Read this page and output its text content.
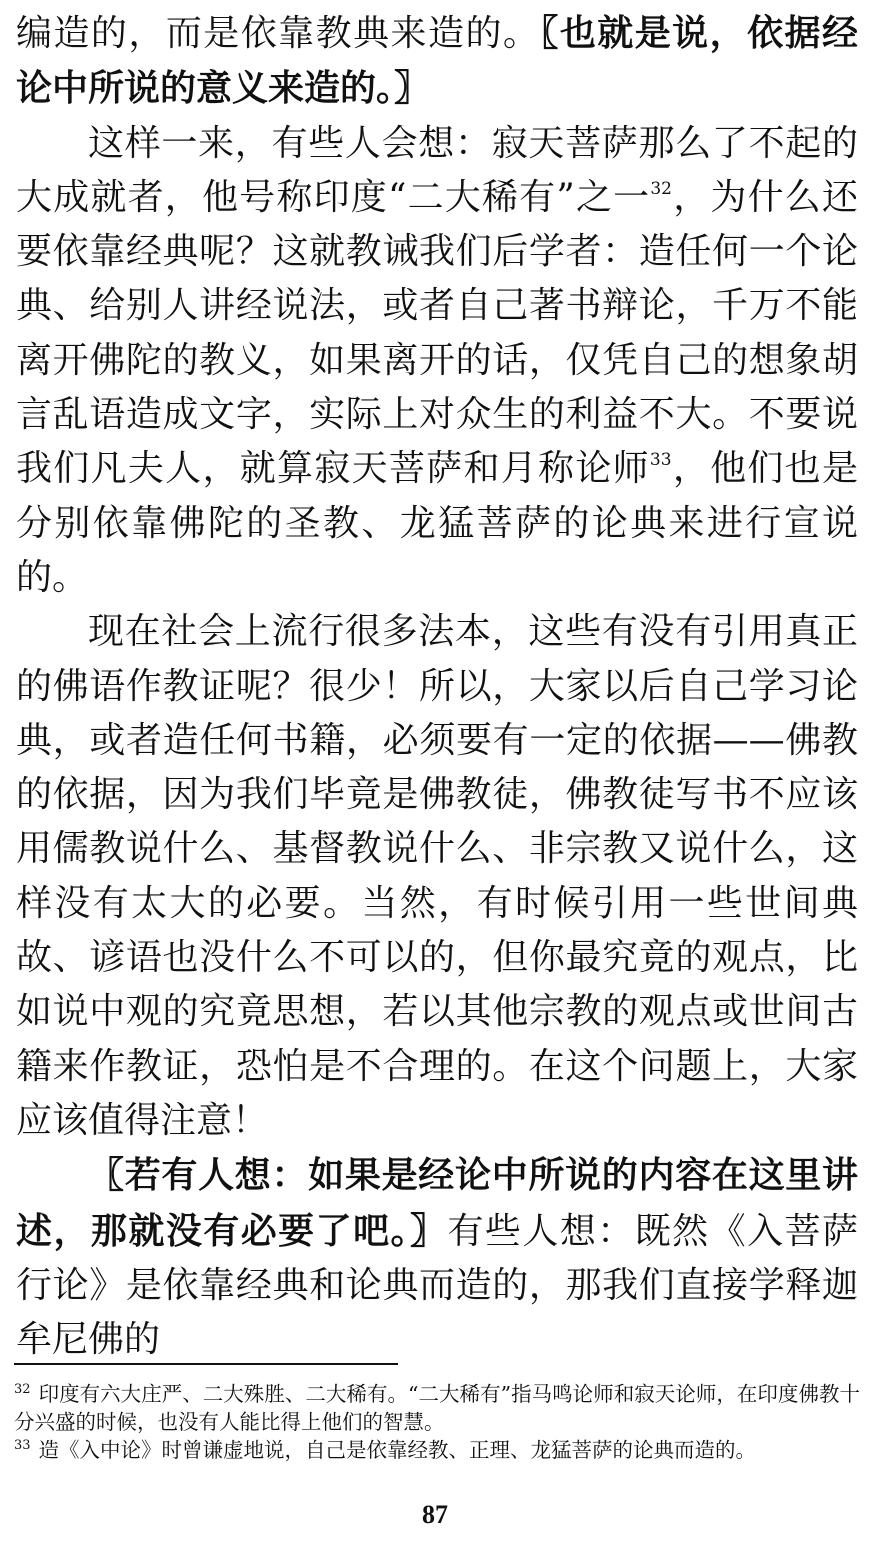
编造的，而是依靠教典来造的。〖也就是说，依据经论中所说的意义来造的。〗

这样一来，有些人会想：寂天菩萨那么了不起的大成就者，他号称印度“二大稀有”之一$^{32}$，为什么还要依靠经典呢？这就教诫我们后学者：造任何一个论典、给别人讲经说法，或者自己著书辩论，千万不能离开佛陀的教义，如果离开的话，仅凭自己的想象胡言乱语造成文字，实际上对众生的利益不大。不要说我们凡夫人，就算寂天菩萨和月称论师$^{33}$，他们也是分别依靠佛陀的圣教、龙猛菩萨的论典来进行宣说的。

现在社会上流行很多法本，这些有没有引用真正的佛语作教证呢？很少！所以，大家以后自己学习论典，或者造任何书籍，必须要有一定的依据——佛教的依据，因为我们毕竟是佛教徒，佛教徒写书不应该用儒教说什么、基督教说什么、非宗教又说什么，这样没有太大的必要。当然，有时候引用一些世间典故、谚语也没什么不可以的，但你最究竟的观点，比如说中观的究竟思想，若以其他宗教的观点或世间古籍来作教证，恐怕是不合理的。在这个问题上，大家应该值得注意！

〖若有人想：如果是经论中所说的内容在这里讲述，那就没有必要了吧。〗有些人想：既然《入菩萨行论》是依靠经典和论典而造的，那我们直接学释迦牟尼佛的

$^{32}$ 印度有六大庄严、二大殊胜、二大稀有。“二大稀有”指马鸣论师和寂天论师，在印度佛教十分兴盛的时候，也没有人能比得上他们的智慧。

$^{33}$ 造《入中论》时曾谦虚地说，自己是依靠经教、正理、龙猛菩萨的论典而造的。

87
